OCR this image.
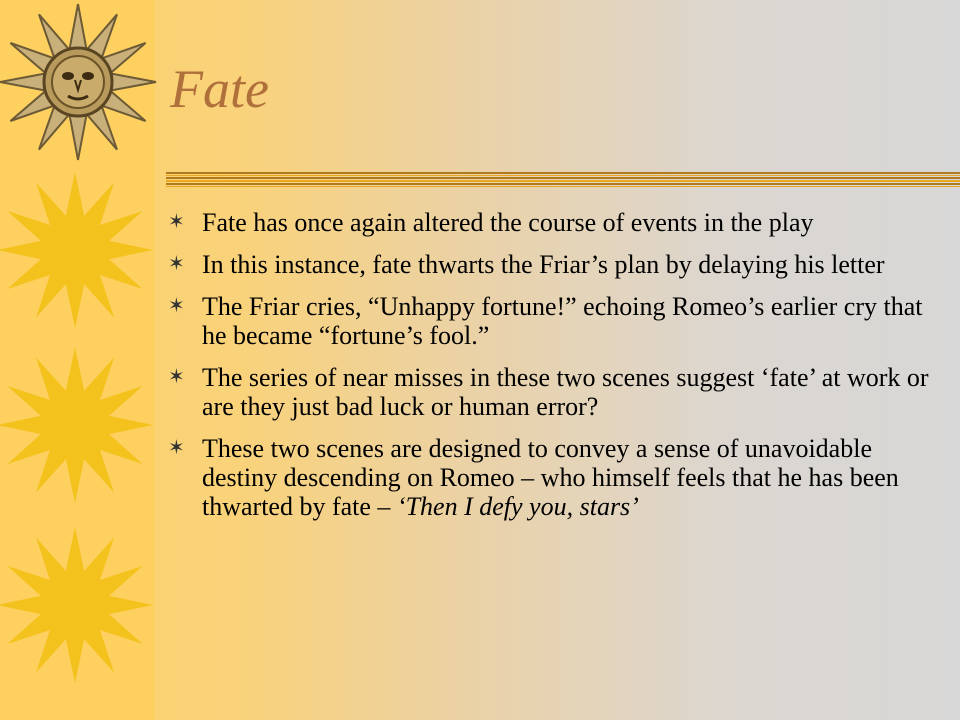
Fate
✶ Fate has once again altered the course of events in the play
✶ In this instance, fate thwarts the Friar’s plan by delaying his letter
✶ The Friar cries, “Unhappy fortune!” echoing Romeo’s earlier cry that he became “fortune’s fool.”
✶ The series of near misses in these two scenes suggest ‘fate’ at work or are they just bad luck or human error?
✶ These two scenes are designed to convey a sense of unavoidable destiny descending on Romeo – who himself feels that he has been thwarted by fate – ‘Then I defy you, stars’
